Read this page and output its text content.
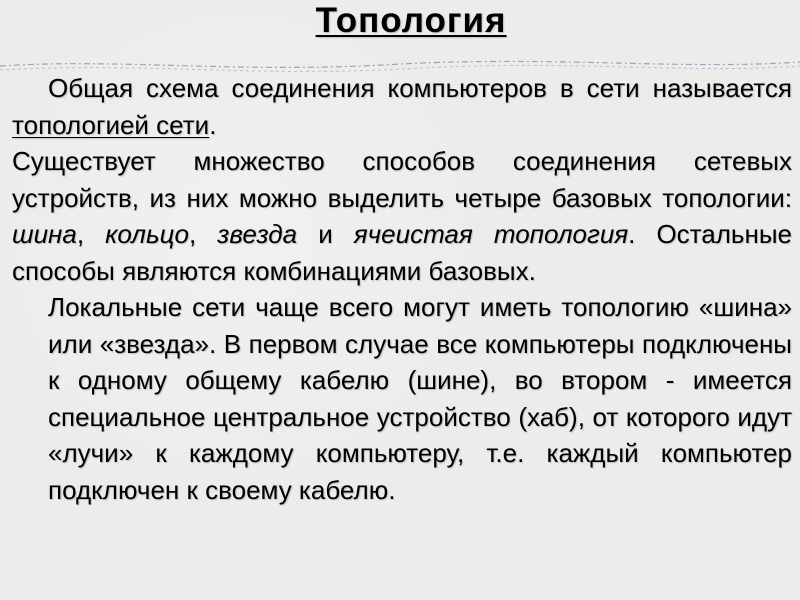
Топология

Общая схема соединения компьютеров в сети называется топологией сети.

Существует множество способов соединения сетевых устройств, из них можно выделить четыре базовых топологии: шина, кольцо, звезда и ячеистая топология. Остальные способы являются комбинациями базовых.

Локальные сети чаще всего могут иметь топологию «шина» или «звезда». В первом случае все компьютеры подключены к одному общему кабелю (шине), во втором - имеется специальное центральное устройство (хаб), от которого идут «лучи» к каждому компьютеру, т.е. каждый компьютер подключен к своему кабелю.
